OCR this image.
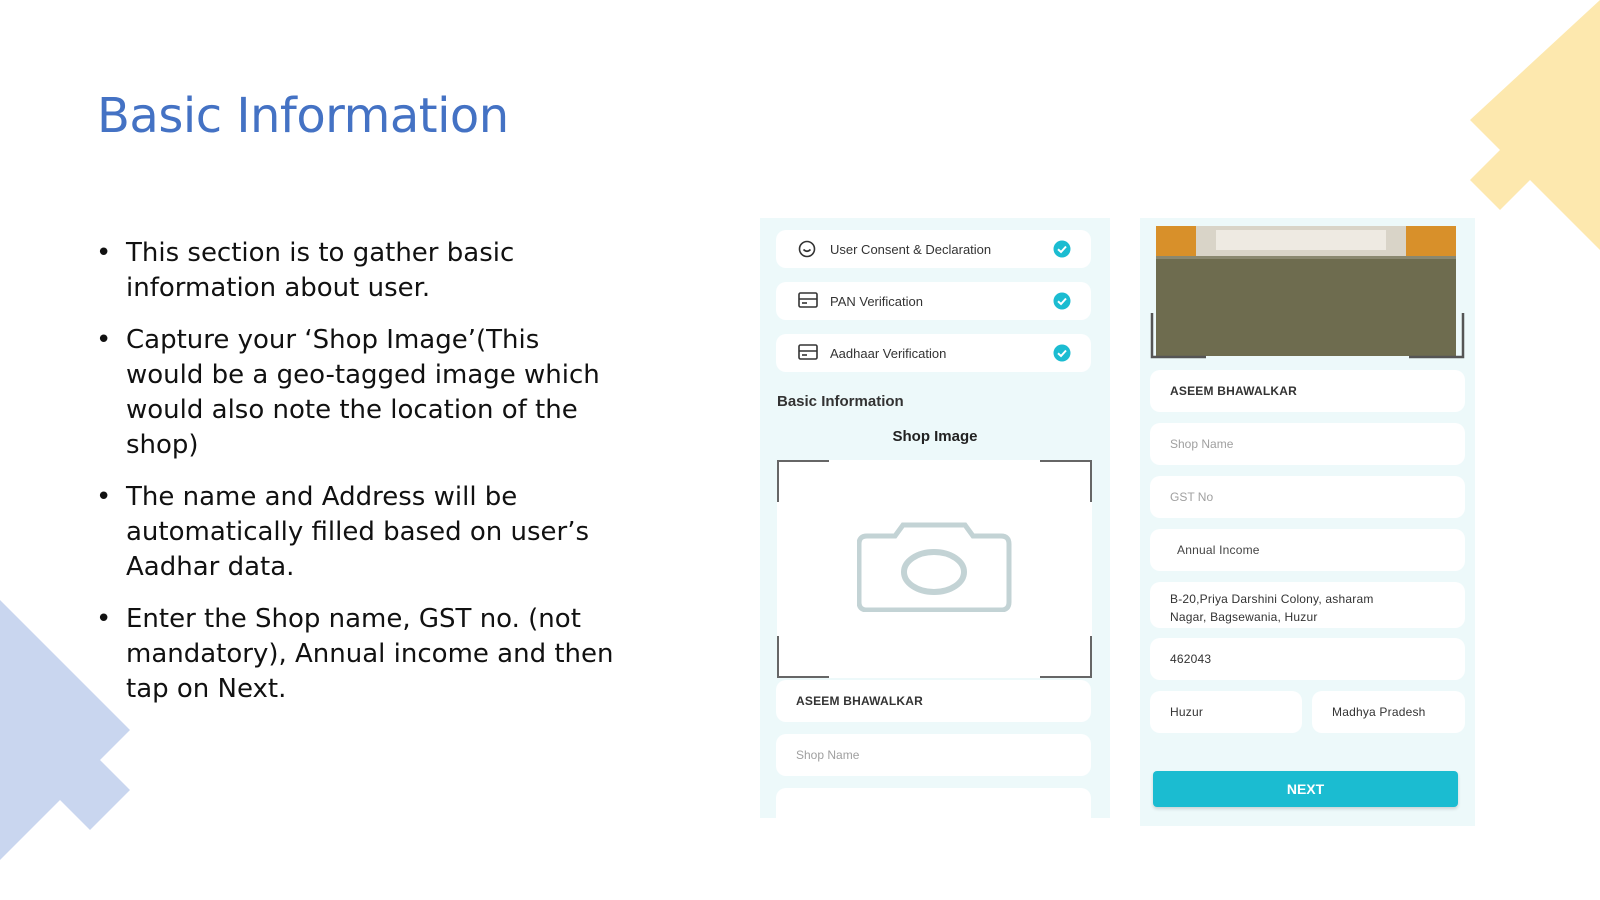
Basic Information
• This section is to gather basic information about user.
• Capture your ‘Shop Image’(This would be a geo-tagged image which would also note the location of the shop)
• The name and Address will be automatically filled based on user’s Aadhar data.
• Enter the Shop name, GST no. (not mandatory), Annual income and then tap on Next.
User Consent & Declaration
PAN Verification
Aadhaar Verification
Basic Information
Shop Image
ASEEM BHAWALKAR
Shop Name
ASEEM BHAWALKAR
Shop Name
GST No
Annual Income
B-20,Priya Darshini Colony, asharam
Nagar, Bagsewania, Huzur
462043
Huzur	Madhya Pradesh
NEXT
